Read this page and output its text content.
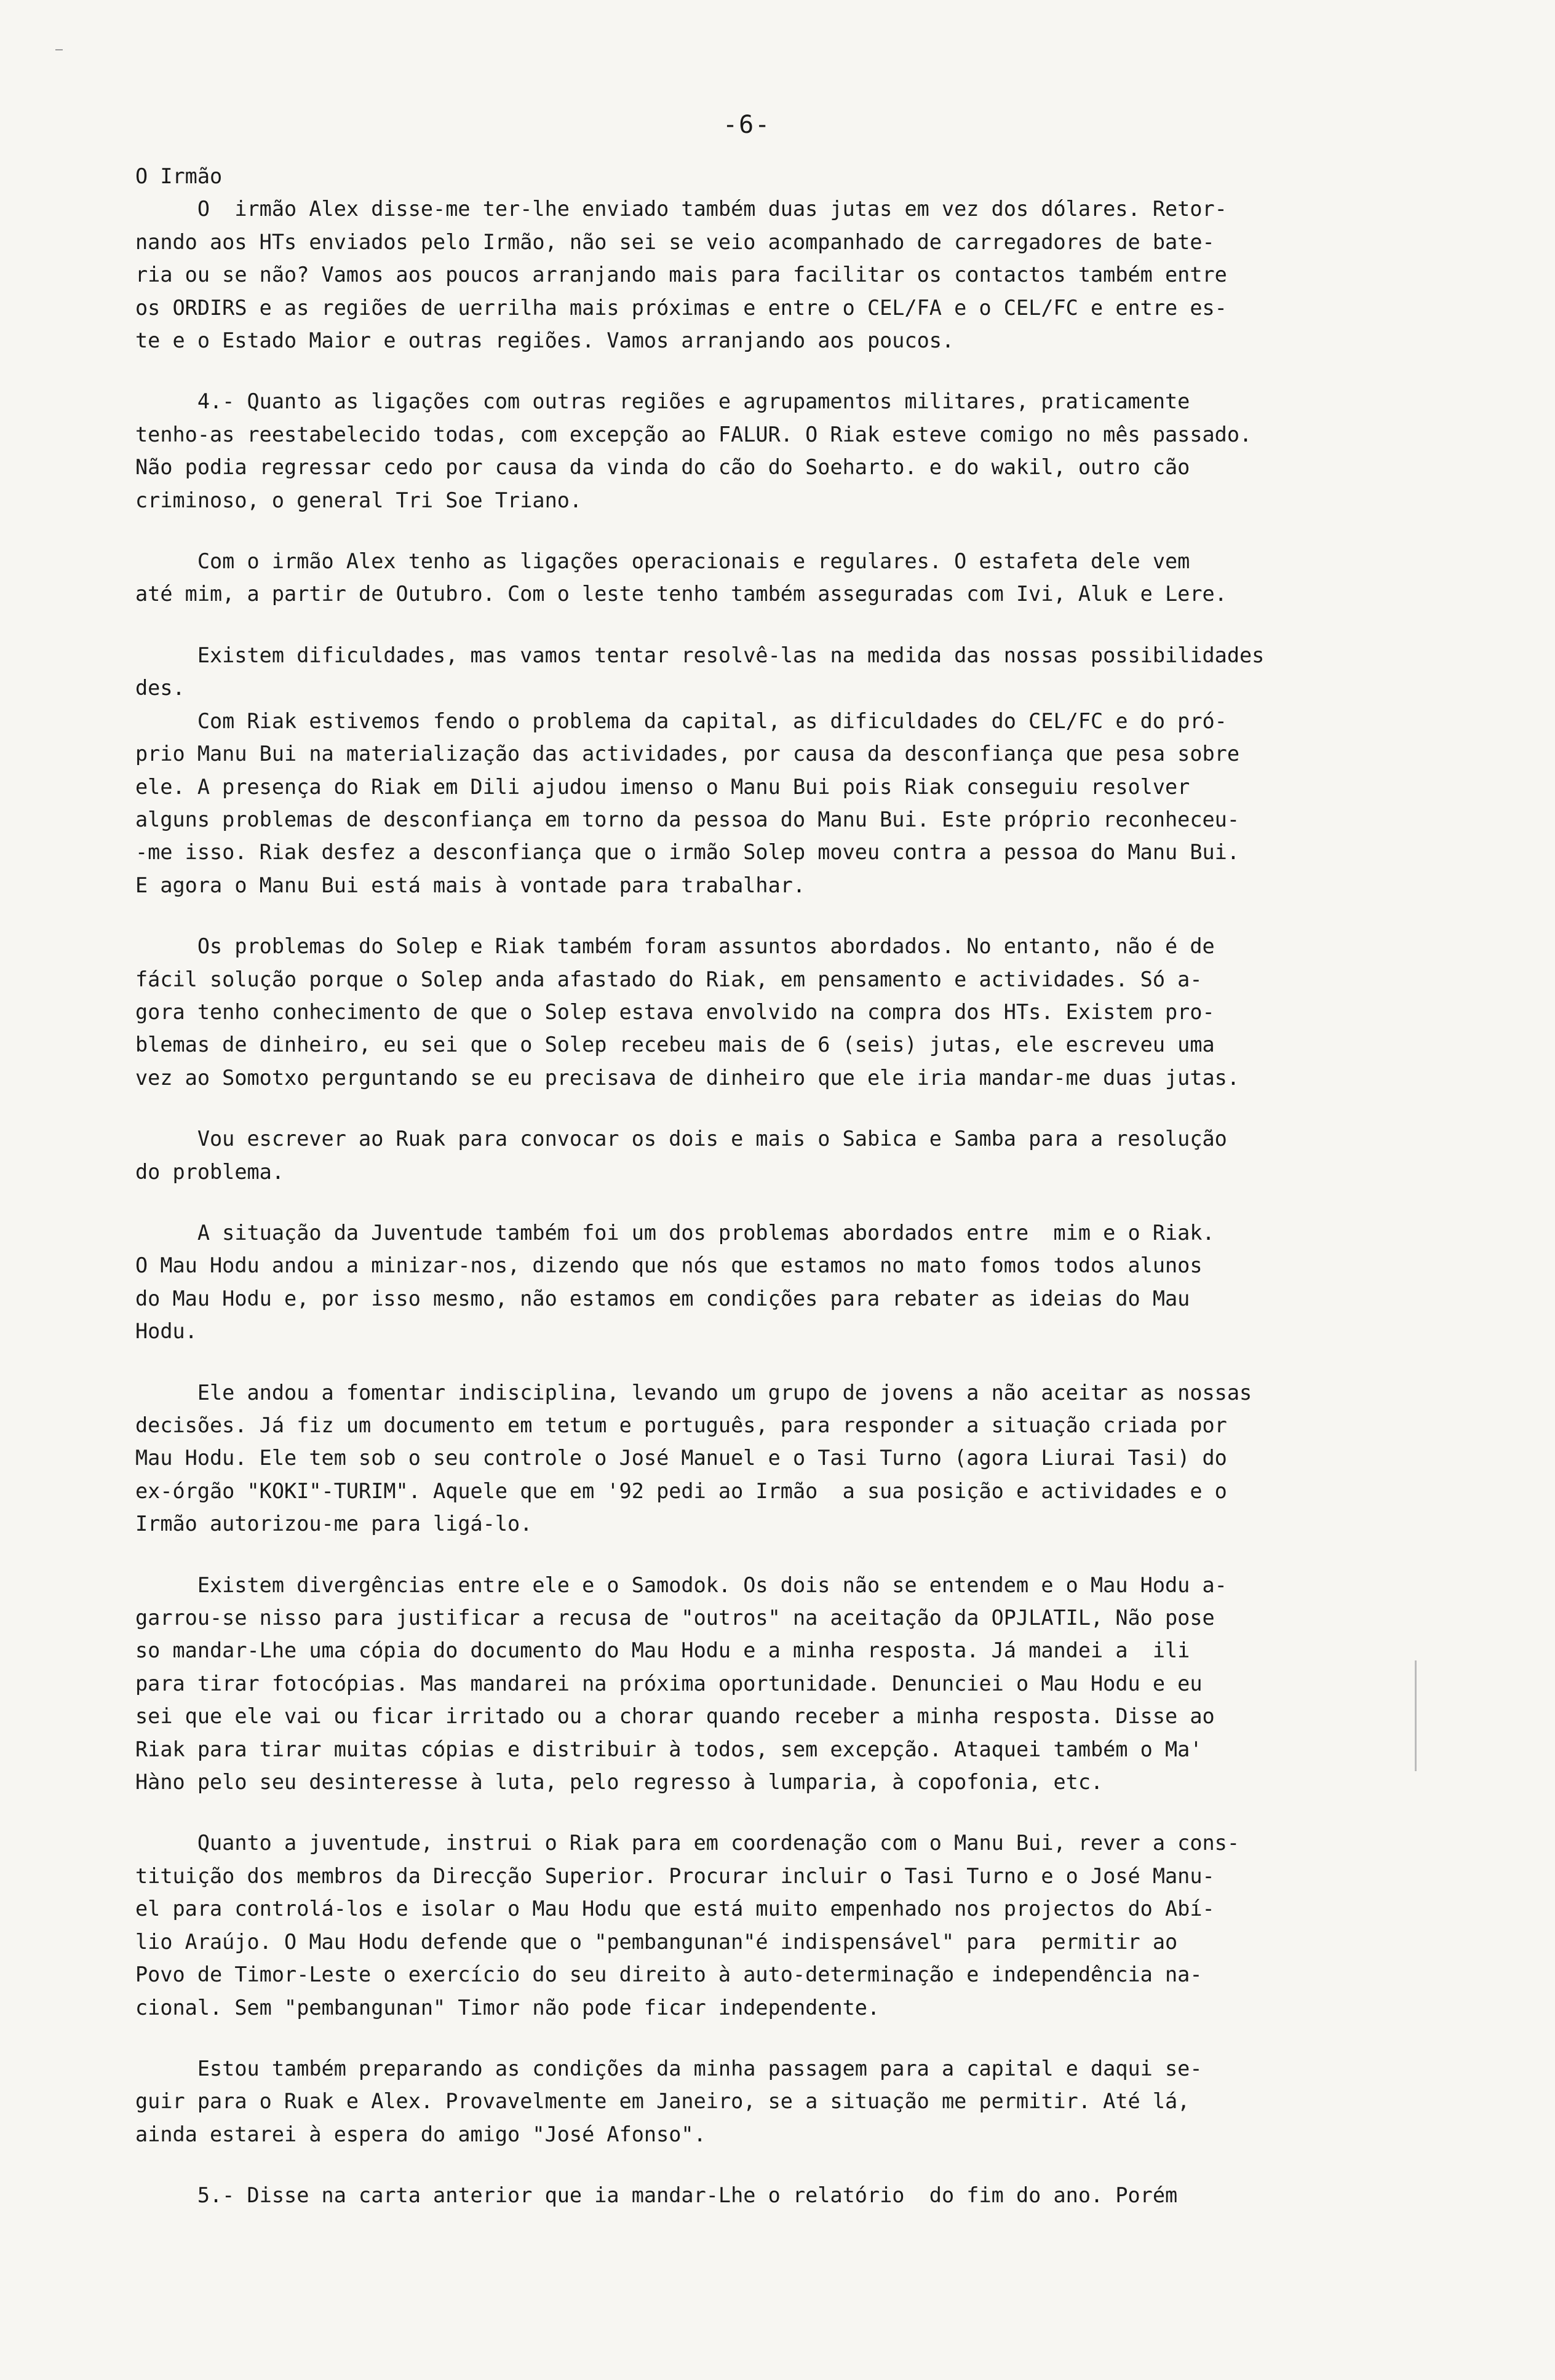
-6-
O Irmão
O  irmão Alex disse-me ter-lhe enviado também duas jutas em vez dos dólares. Retor-
nando aos HTs enviados pelo Irmão, não sei se veio acompanhado de carregadores de bate-
ria ou se não? Vamos aos poucos arranjando mais para facilitar os contactos também entre
os ORDIRS e as regiões de uerrilha mais próximas e entre o CEL/FA e o CEL/FC e entre es-
te e o Estado Maior e outras regiões. Vamos arranjando aos poucos.
4.- Quanto as ligações com outras regiões e agrupamentos militares, praticamente
tenho-as reestabelecido todas, com excepção ao FALUR. O Riak esteve comigo no mês passado.
Não podia regressar cedo por causa da vinda do cão do Soeharto. e do wakil, outro cão
criminoso, o general Tri Soe Triano.
Com o irmão Alex tenho as ligações operacionais e regulares. O estafeta dele vem
até mim, a partir de Outubro. Com o leste tenho também asseguradas com Ivi, Aluk e Lere.
Existem dificuldades, mas vamos tentar resolvê-las na medida das nossas possibilidades
des.
Com Riak estivemos fendo o problema da capital, as dificuldades do CEL/FC e do pró-
prio Manu Bui na materialização das actividades, por causa da desconfiança que pesa sobre
ele. A presença do Riak em Dili ajudou imenso o Manu Bui pois Riak conseguiu resolver
alguns problemas de desconfiança em torno da pessoa do Manu Bui. Este próprio reconheceu-
-me isso. Riak desfez a desconfiança que o irmão Solep moveu contra a pessoa do Manu Bui.
E agora o Manu Bui está mais à vontade para trabalhar.
Os problemas do Solep e Riak também foram assuntos abordados. No entanto, não é de
fácil solução porque o Solep anda afastado do Riak, em pensamento e actividades. Só a-
gora tenho conhecimento de que o Solep estava envolvido na compra dos HTs. Existem pro-
blemas de dinheiro, eu sei que o Solep recebeu mais de 6 (seis) jutas, ele escreveu uma
vez ao Somotxo perguntando se eu precisava de dinheiro que ele iria mandar-me duas jutas.
Vou escrever ao Ruak para convocar os dois e mais o Sabica e Samba para a resolução
do problema.
A situação da Juventude também foi um dos problemas abordados entre  mim e o Riak.
O Mau Hodu andou a minizar-nos, dizendo que nós que estamos no mato fomos todos alunos
do Mau Hodu e, por isso mesmo, não estamos em condições para rebater as ideias do Mau
Hodu.
Ele andou a fomentar indisciplina, levando um grupo de jovens a não aceitar as nossas
decisões. Já fiz um documento em tetum e português, para responder a situação criada por
Mau Hodu. Ele tem sob o seu controle o José Manuel e o Tasi Turno (agora Liurai Tasi) do
ex-órgão "KOKI"-TURIM". Aquele que em '92 pedi ao Irmão  a sua posição e actividades e o
Irmão autorizou-me para ligá-lo.
Existem divergências entre ele e o Samodok. Os dois não se entendem e o Mau Hodu a-
garrou-se nisso para justificar a recusa de "outros" na aceitação da OPJLATIL, Não pose
so mandar-Lhe uma cópia do documento do Mau Hodu e a minha resposta. Já mandei a  ili
para tirar fotocópias. Mas mandarei na próxima oportunidade. Denunciei o Mau Hodu e eu
sei que ele vai ou ficar irritado ou a chorar quando receber a minha resposta. Disse ao
Riak para tirar muitas cópias e distribuir à todos, sem excepção. Ataquei também o Ma'
Hàno pelo seu desinteresse à luta, pelo regresso à lumparia, à copofonia, etc.
Quanto a juventude, instrui o Riak para em coordenação com o Manu Bui, rever a cons-
tituição dos membros da Direcção Superior. Procurar incluir o Tasi Turno e o José Manu-
el para controlá-los e isolar o Mau Hodu que está muito empenhado nos projectos do Abí-
lio Araújo. O Mau Hodu defende que o "pembangunan"é indispensável" para  permitir ao
Povo de Timor-Leste o exercício do seu direito à auto-determinação e independência na-
cional. Sem "pembangunan" Timor não pode ficar independente.
Estou também preparando as condições da minha passagem para a capital e daqui se-
guir para o Ruak e Alex. Provavelmente em Janeiro, se a situação me permitir. Até lá,
ainda estarei à espera do amigo "José Afonso".
5.- Disse na carta anterior que ia mandar-Lhe o relatório  do fim do ano. Porém
